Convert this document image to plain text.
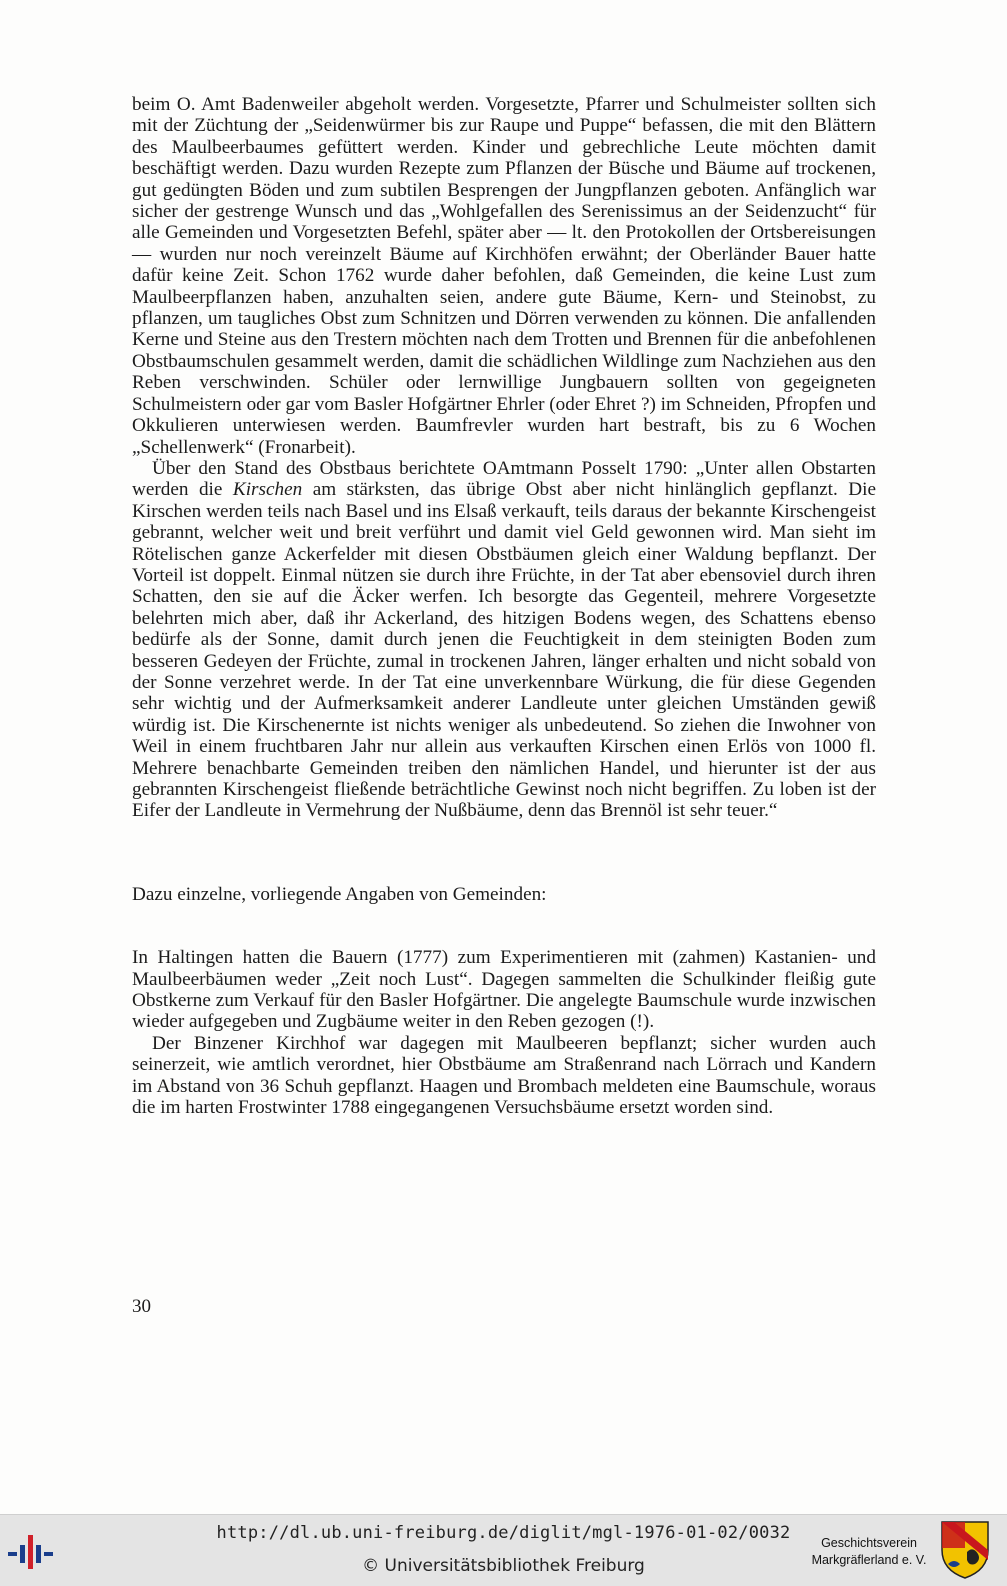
beim O. Amt Badenweiler abgeholt werden. Vorgesetzte, Pfarrer und Schulmeister sollten sich mit der Züchtung der „Seidenwürmer bis zur Raupe und Puppe“ befassen, die mit den Blättern des Maulbeerbaumes gefüttert werden. Kinder und gebrechliche Leute möchten damit beschäftigt werden. Dazu wurden Rezepte zum Pflanzen der Büsche und Bäume auf trockenen, gut gedüngten Böden und zum subtilen Besprengen der Jungpflanzen geboten. Anfänglich war sicher der gestrenge Wunsch und das „Wohlgefallen des Serenissimus an der Seidenzucht“ für alle Gemeinden und Vorgesetzten Befehl, später aber — lt. den Protokollen der Ortsbereisungen — wurden nur noch vereinzelt Bäume auf Kirchhöfen erwähnt; der Oberländer Bauer hatte dafür keine Zeit. Schon 1762 wurde daher befohlen, daß Gemeinden, die keine Lust zum Maulbeerpflanzen haben, anzuhalten seien, andere gute Bäume, Kern- und Steinobst, zu pflanzen, um taugliches Obst zum Schnitzen und Dörren verwenden zu können. Die anfallenden Kerne und Steine aus den Trestern möchten nach dem Trotten und Brennen für die anbefohlenen Obstbaumschulen gesammelt werden, damit die schädlichen Wildlinge zum Nachziehen aus den Reben verschwinden. Schüler oder lernwillige Jungbauern sollten von gegeigneten Schulmeistern oder gar vom Basler Hofgärtner Ehrler (oder Ehret ?) im Schneiden, Pfropfen und Okkulieren unterwiesen werden. Baumfrevler wurden hart bestraft, bis zu 6 Wochen „Schellenwerk“ (Fronarbeit).

Über den Stand des Obstbaus berichtete OAmtmann Posselt 1790: „Unter allen Obstarten werden die Kirschen am stärksten, das übrige Obst aber nicht hinlänglich gepflanzt. Die Kirschen werden teils nach Basel und ins Elsaß verkauft, teils daraus der bekannte Kirschengeist gebrannt, welcher weit und breit verführt und damit viel Geld gewonnen wird. Man sieht im Rötelischen ganze Ackerfelder mit diesen Obstbäumen gleich einer Waldung bepflanzt. Der Vorteil ist doppelt. Einmal nützen sie durch ihre Früchte, in der Tat aber ebensoviel durch ihren Schatten, den sie auf die Äcker werfen. Ich besorgte das Gegenteil, mehrere Vorgesetzte belehrten mich aber, daß ihr Ackerland, des hitzigen Bodens wegen, des Schattens ebenso bedürfe als der Sonne, damit durch jenen die Feuchtigkeit in dem steinigten Boden zum besseren Gedeyen der Früchte, zumal in trockenen Jahren, länger erhalten und nicht sobald von der Sonne verzehret werde. In der Tat eine unverkennbare Würkung, die für diese Gegenden sehr wichtig und der Aufmerksamkeit anderer Landleute unter gleichen Umständen gewiß würdig ist. Die Kirschenernte ist nichts weniger als unbedeutend. So ziehen die Inwohner von Weil in einem fruchtbaren Jahr nur allein aus verkauften Kirschen einen Erlös von 1000 fl. Mehrere benachbarte Gemeinden treiben den nämlichen Handel, und hierunter ist der aus gebrannten Kirschengeist fließende beträchtliche Gewinst noch nicht begriffen. Zu loben ist der Eifer der Landleute in Vermehrung der Nußbäume, denn das Brennöl ist sehr teuer.“

Dazu einzelne, vorliegende Angaben von Gemeinden:

In Haltingen hatten die Bauern (1777) zum Experimentieren mit (zahmen) Kastanien- und Maulbeerbäumen weder „Zeit noch Lust“. Dagegen sammelten die Schulkinder fleißig gute Obstkerne zum Verkauf für den Basler Hofgärtner. Die angelegte Baumschule wurde inzwischen wieder aufgegeben und Zugbäume weiter in den Reben gezogen (!).

Der Binzener Kirchhof war dagegen mit Maulbeeren bepflanzt; sicher wurden auch seinerzeit, wie amtlich verordnet, hier Obstbäume am Straßenrand nach Lörrach und Kandern im Abstand von 36 Schuh gepflanzt. Haagen und Brombach meldeten eine Baumschule, woraus die im harten Frostwinter 1788 eingegangenen Versuchsbäume ersetzt worden sind.

30
http://dl.ub.uni-freiburg.de/diglit/mgl-1976-01-02/0032
© Universitätsbibliothek Freiburg
Geschichtsverein
Markgräflerland e. V.
